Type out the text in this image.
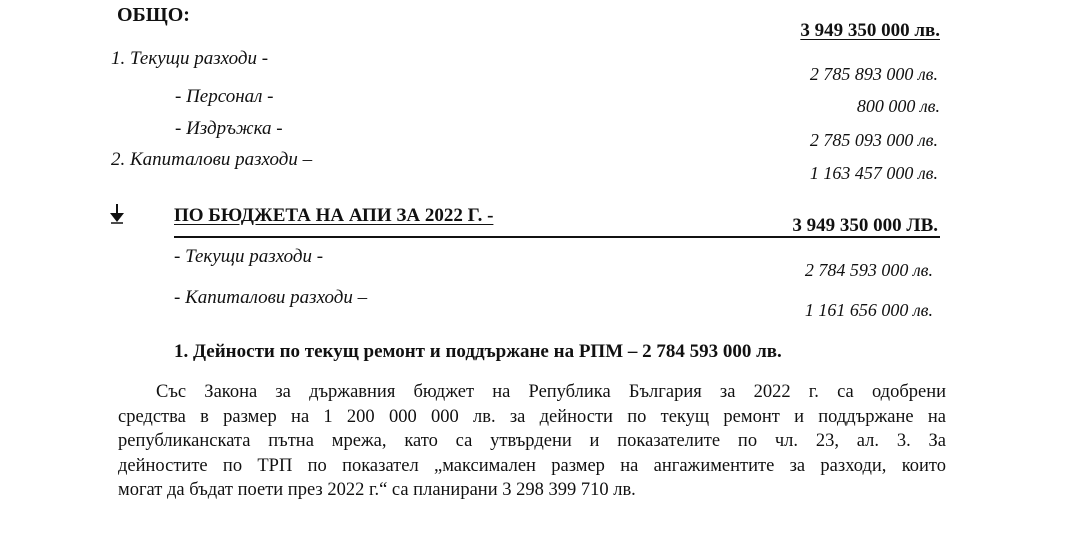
ОБЩО:
3 949 350 000 лв.
1. Текущи разходи -
2 785 893 000 лв.
- Персонал -	800 000 лв.
- Издръжка -
2 785 093 000 лв.
2. Капиталови разходи –
1 163 457 000 лв.
ПО БЮДЖЕТА НА АПИ ЗА 2022 Г. -	3 949 350 000 ЛВ.
- Текущи разходи -
2 784 593 000 лв.
- Капиталови разходи –
1 161 656 000 лв.
1. Дейности по текущ ремонт и поддържане на РПМ – 2 784 593 000 лв.
Със Закона за държавния бюджет на Република България за 2022 г. са одобрени
средства в размер на 1 200 000 000 лв. за дейности по текущ ремонт и поддържане на
републиканската пътна мрежа, като са утвърдени и показателите по чл. 23, ал. 3. За
дейностите по ТРП по показател „максимален размер на ангажиментите за разходи, които
могат да бъдат поети през 2022 г.“ са планирани 3 298 399 710 лв.
